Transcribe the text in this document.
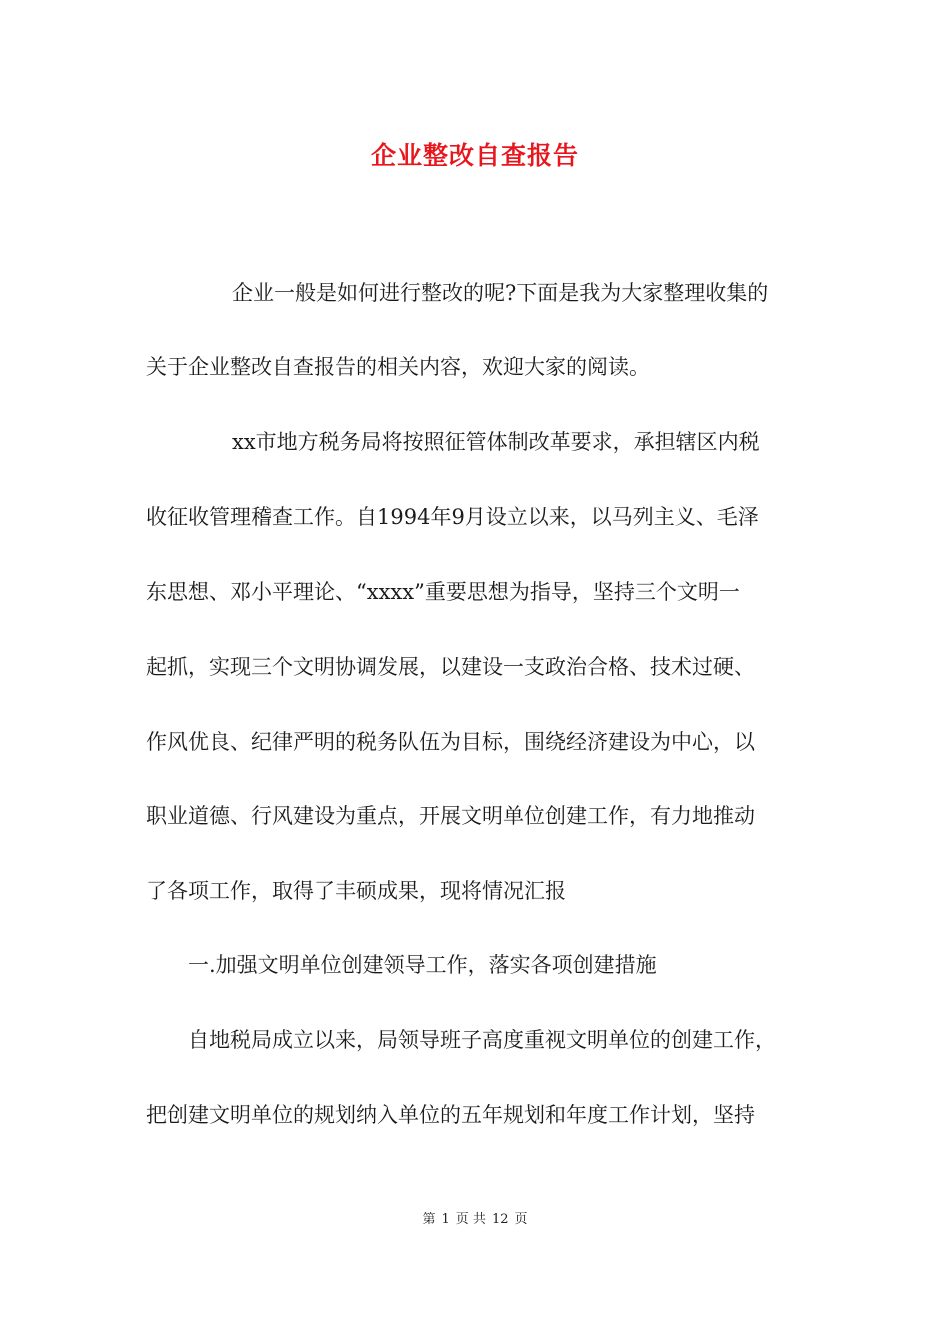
企业整改自查报告
企业一般是如何进行整改的呢?下面是我为大家整理收集的
关于企业整改自查报告的相关内容，欢迎大家的阅读。
xx市地方税务局将按照征管体制改革要求，承担辖区内税
收征收管理稽查工作。自1994年9月设立以来，以马列主义、毛泽
东思想、邓小平理论、“xxxx”重要思想为指导，坚持三个文明一
起抓，实现三个文明协调发展，以建设一支政治合格、技术过硬、
作风优良、纪律严明的税务队伍为目标，围绕经济建设为中心，以
职业道德、行风建设为重点，开展文明单位创建工作，有力地推动
了各项工作，取得了丰硕成果，现将情况汇报
一.加强文明单位创建领导工作，落实各项创建措施
自地税局成立以来，局领导班子高度重视文明单位的创建工作，
把创建文明单位的规划纳入单位的五年规划和年度工作计划，坚持
第 1 页 共 12 页
